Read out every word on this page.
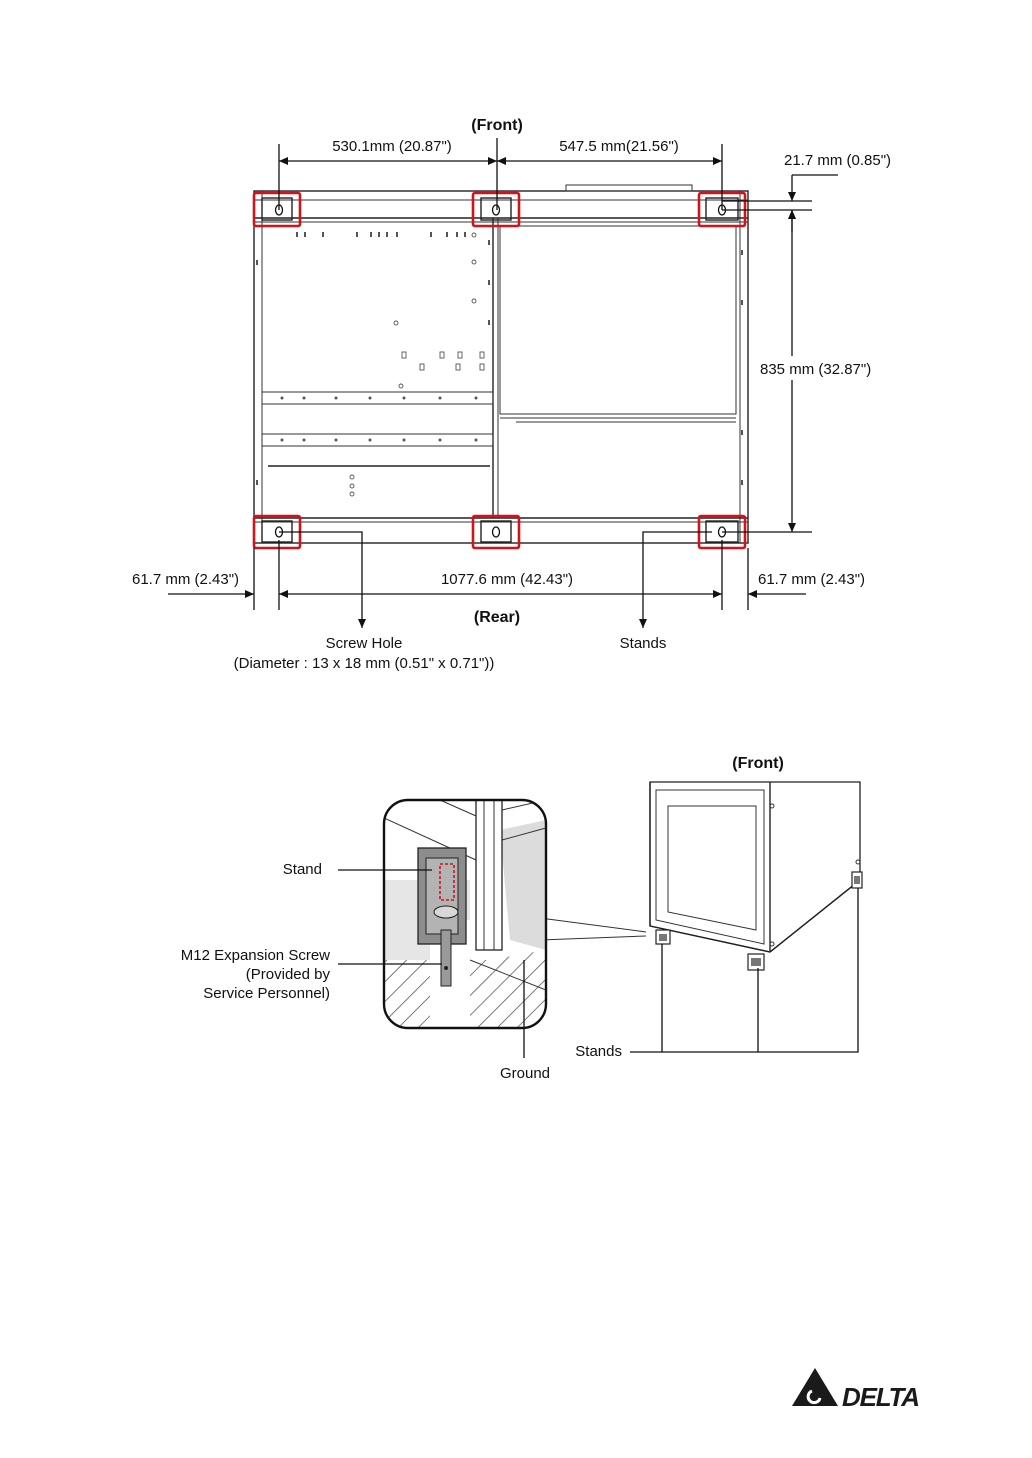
(Front)
530.1mm (20.87")	547.5 mm(21.56")
21.7 mm (0.85")
835 mm (32.87")
61.7 mm (2.43")	1077.6 mm (42.43")	61.7 mm (2.43")
(Rear)
Screw Hole
(Diameter : 13 x 18 mm (0.51" x 0.71"))
Stands
(Front)
Stand
M12 Expansion Screw
(Provided by
Service Personnel)
Ground
Stands
DELTA
